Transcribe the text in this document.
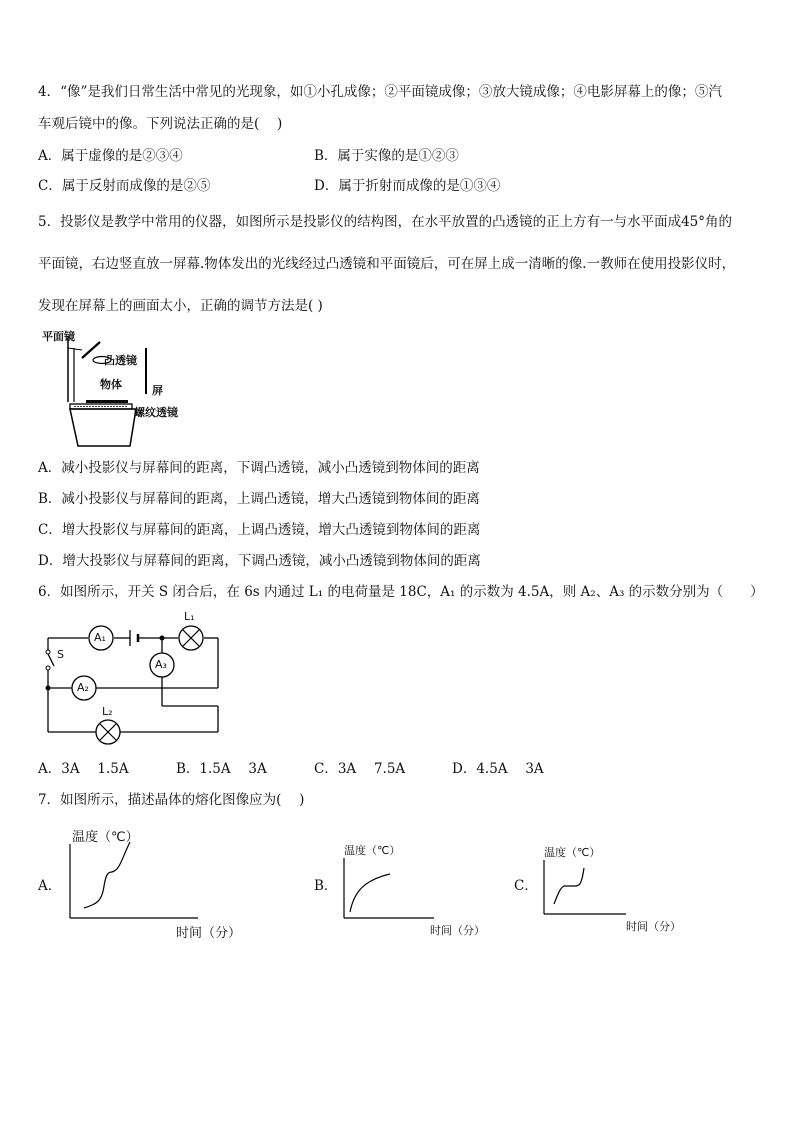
4．“像”是我们日常生活中常见的光现象，如①小孔成像；②平面镜成像；③放大镜成像；④电影屏幕上的像；⑤汽
车观后镜中的像。下列说法正确的是(　 )
A．属于虚像的是②③④	B．属于实像的是①②③
C．属于反射而成像的是②⑤	D．属于折射而成像的是①③④
5．投影仪是教学中常用的仪器，如图所示是投影仪的结构图，在水平放置的凸透镜的正上方有一与水平面成45°角的
平面镜，右边竖直放一屏幕.物体发出的光线经过凸透镜和平面镜后，可在屏上成一清晰的像.一教师在使用投影仪时，
发现在屏幕上的画面太小，正确的调节方法是( )
平面镜
凸透镜
物体	屏
螺纹透镜
A．减小投影仪与屏幕间的距离，下调凸透镜，减小凸透镜到物体间的距离
B．减小投影仪与屏幕间的距离，上调凸透镜，增大凸透镜到物体间的距离
C．增大投影仪与屏幕间的距离，上调凸透镜，增大凸透镜到物体间的距离
D．增大投影仪与屏幕间的距离，下调凸透镜，减小凸透镜到物体间的距离
6．如图所示，开关 S 闭合后，在 6s 内通过 L₁ 的电荷量是 18C，A₁ 的示数为 4.5A，则 A₂、A₃ 的示数分别为（　　）
S
A₁
A₂
A₃
L₁
L₂
A．3A　 1.5A	B．1.5A　 3A	C．3A　 7.5A	D．4.5A　 3A
7．如图所示，描述晶体的熔化图像应为(　 )
A．
温度（℃）
时间（分）
B．
温度（℃）
时间（分）
C．
温度（℃）
时间（分）
